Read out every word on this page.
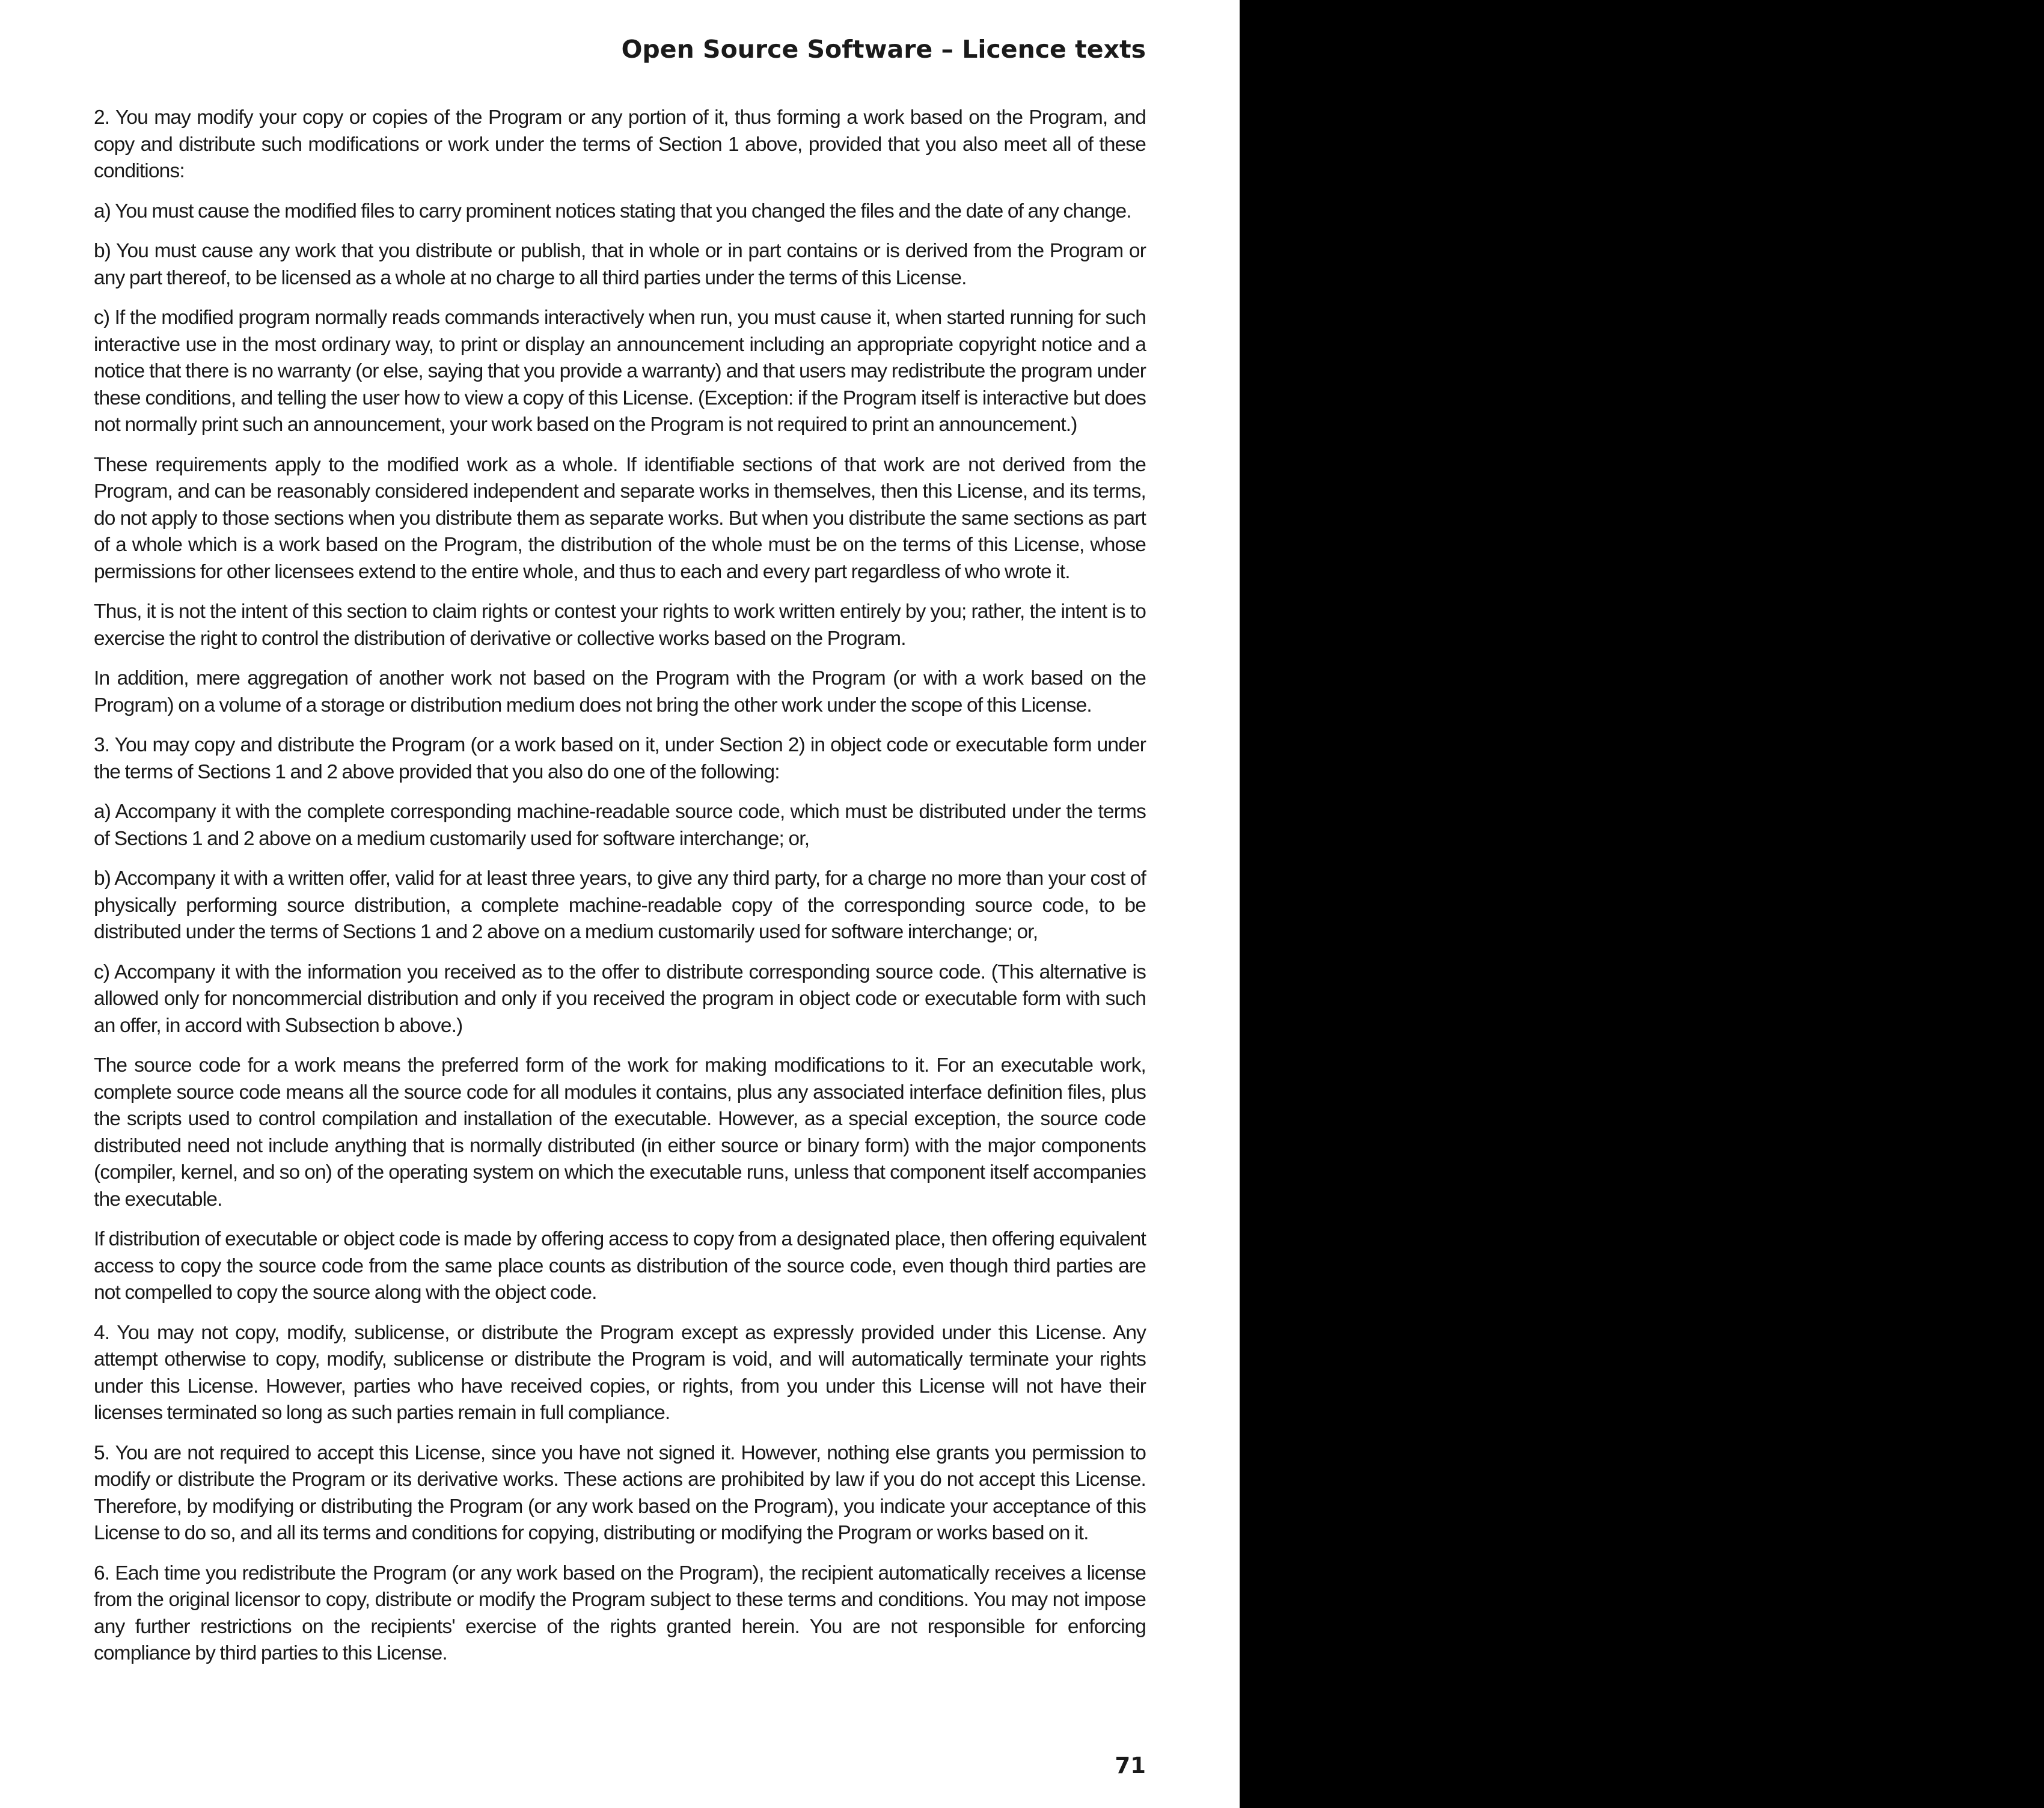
Open Source Software – Licence texts

2. You may modify your copy or copies of the Program or any portion of it, thus forming a work based on the Program, and copy and distribute such modifications or work under the terms of Section 1 above, provided that you also meet all of these conditions:

a) You must cause the modified files to carry prominent notices stating that you changed the files and the date of any change.

b) You must cause any work that you distribute or publish, that in whole or in part contains or is derived from the Program or any part thereof, to be licensed as a whole at no charge to all third parties under the terms of this License.

c) If the modified program normally reads commands interactively when run, you must cause it, when started running for such interactive use in the most ordinary way, to print or display an announcement including an appropriate copyright notice and a notice that there is no warranty (or else, saying that you provide a warranty) and that users may redistribute the program under these conditions, and telling the user how to view a copy of this License. (Exception: if the Program itself is interactive but does not normally print such an announcement, your work based on the Program is not required to print an announcement.)

These requirements apply to the modified work as a whole. If identifiable sections of that work are not derived from the Program, and can be reasonably considered independent and separate works in themselves, then this License, and its terms, do not apply to those sections when you distribute them as separate works. But when you distribute the same sections as part of a whole which is a work based on the Program, the distribution of the whole must be on the terms of this License, whose permissions for other licensees extend to the entire whole, and thus to each and every part regardless of who wrote it.

Thus, it is not the intent of this section to claim rights or contest your rights to work written entirely by you; rather, the intent is to exercise the right to control the distribution of derivative or collective works based on the Program.

In addition, mere aggregation of another work not based on the Program with the Program (or with a work based on the Program) on a volume of a storage or distribution medium does not bring the other work under the scope of this License.

3. You may copy and distribute the Program (or a work based on it, under Section 2) in object code or executable form under the terms of Sections 1 and 2 above provided that you also do one of the following:

a) Accompany it with the complete corresponding machine-readable source code, which must be distributed under the terms of Sections 1 and 2 above on a medium customarily used for software interchange; or,

b) Accompany it with a written offer, valid for at least three years, to give any third party, for a charge no more than your cost of physically performing source distribution, a complete machine-readable copy of the corresponding source code, to be distributed under the terms of Sections 1 and 2 above on a medium customarily used for software interchange; or,

c) Accompany it with the information you received as to the offer to distribute corresponding source code. (This alternative is allowed only for noncommercial distribution and only if you received the program in object code or executable form with such an offer, in accord with Subsection b above.)

The source code for a work means the preferred form of the work for making modifications to it. For an executable work, complete source code means all the source code for all modules it contains, plus any associated interface definition files, plus the scripts used to control compilation and installation of the executable. However, as a special exception, the source code distributed need not include anything that is normally distributed (in either source or binary form) with the major components (compiler, kernel, and so on) of the operating system on which the executable runs, unless that component itself accompanies the executable.

If distribution of executable or object code is made by offering access to copy from a designated place, then offering equivalent access to copy the source code from the same place counts as distribution of the source code, even though third parties are not compelled to copy the source along with the object code.

4. You may not copy, modify, sublicense, or distribute the Program except as expressly provided under this License. Any attempt otherwise to copy, modify, sublicense or distribute the Program is void, and will automatically terminate your rights under this License. However, parties who have received copies, or rights, from you under this License will not have their licenses terminated so long as such parties remain in full compliance.

5. You are not required to accept this License, since you have not signed it. However, nothing else grants you permission to modify or distribute the Program or its derivative works. These actions are prohibited by law if you do not accept this License. Therefore, by modifying or distributing the Program (or any work based on the Program), you indicate your acceptance of this License to do so, and all its terms and conditions for copying, distributing or modifying the Program or works based on it.

6. Each time you redistribute the Program (or any work based on the Program), the recipient automatically receives a license from the original licensor to copy, distribute or modify the Program subject to these terms and conditions. You may not impose any further restrictions on the recipients' exercise of the rights granted herein. You are not responsible for enforcing compliance by third parties to this License.

71
